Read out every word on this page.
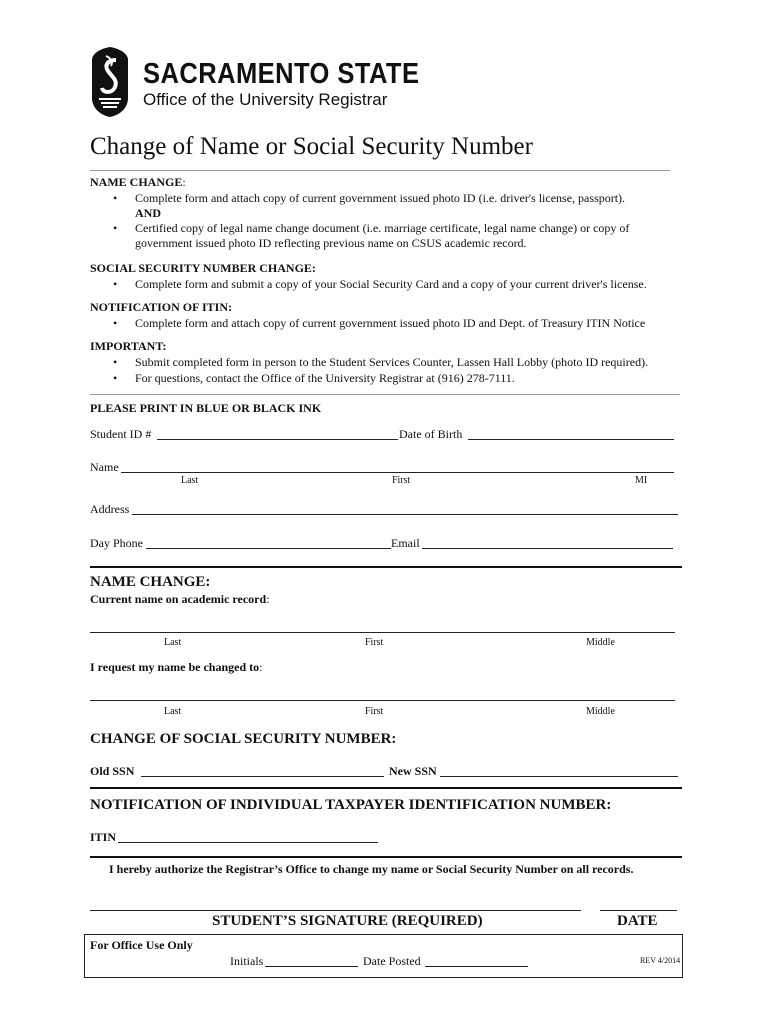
SACRAMENTO STATE
Office of the University Registrar
Change of Name or Social Security Number
NAME CHANGE:
• Complete form and attach copy of current government issued photo ID (i.e. driver's license, passport).
AND
• Certified copy of legal name change document (i.e. marriage certificate, legal name change) or copy of
government issued photo ID reflecting previous name on CSUS academic record.
SOCIAL SECURITY NUMBER CHANGE:
• Complete form and submit a copy of your Social Security Card and a copy of your current driver's license.
NOTIFICATION OF ITIN:
• Complete form and attach copy of current government issued photo ID and Dept. of Treasury ITIN Notice
IMPORTANT:
• Submit completed form in person to the Student Services Counter, Lassen Hall Lobby (photo ID required).
• For questions, contact the Office of the University Registrar at (916) 278-7111.
PLEASE PRINT IN BLUE OR BLACK INK
Student ID #	Date of Birth
Name
Last	First	MI
Address
Day Phone	Email
NAME CHANGE:
Current name on academic record:
Last	First	Middle
I request my name be changed to:
Last	First	Middle
CHANGE OF SOCIAL SECURITY NUMBER:
Old SSN	New SSN
NOTIFICATION OF INDIVIDUAL TAXPAYER IDENTIFICATION NUMBER:
ITIN
I hereby authorize the Registrar’s Office to change my name or Social Security Number on all records.
STUDENT’S SIGNATURE (REQUIRED)	DATE
For Office Use Only
Initials	Date Posted	REV 4/2014
